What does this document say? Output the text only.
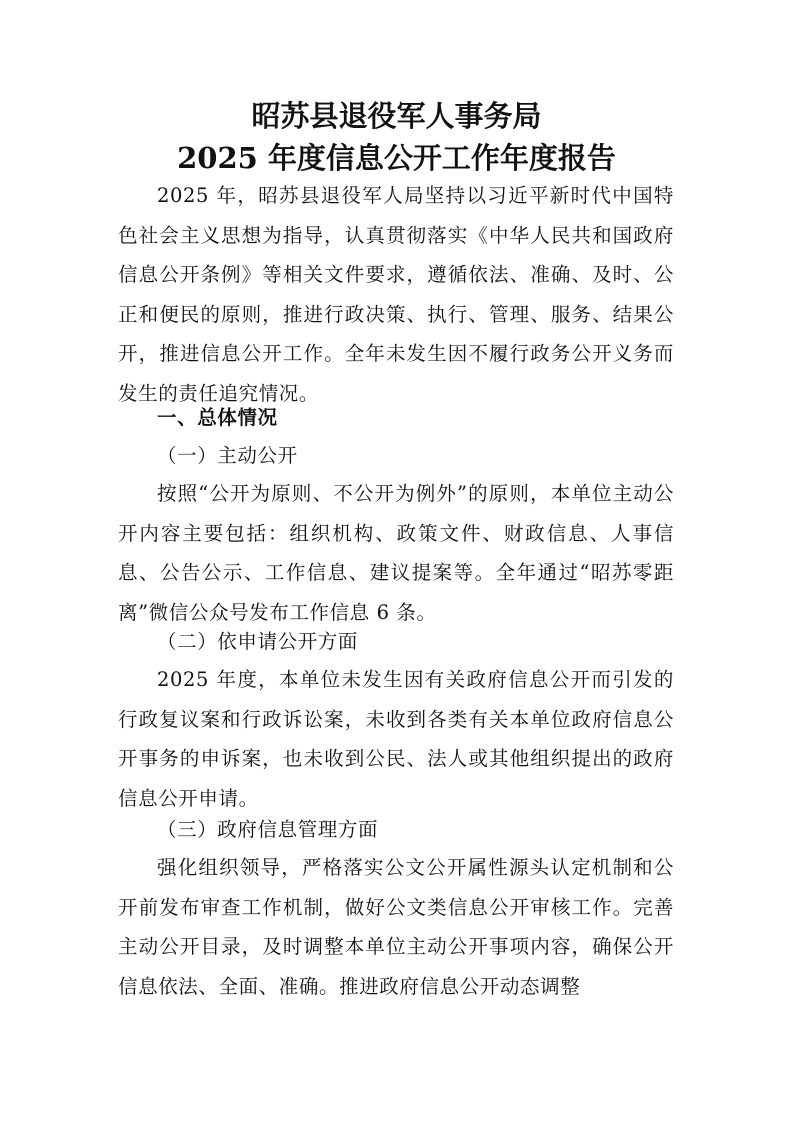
昭苏县退役军人事务局
2025 年度信息公开工作年度报告

2025 年，昭苏县退役军人局坚持以习近平新时代中国特色社会主义思想为指导，认真贯彻落实《中华人民共和国政府信息公开条例》等相关文件要求，遵循依法、准确、及时、公正和便民的原则，推进行政决策、执行、管理、服务、结果公开，推进信息公开工作。全年未发生因不履行政务公开义务而发生的责任追究情况。

一、总体情况

（一）主动公开

按照“公开为原则、不公开为例外”的原则，本单位主动公开内容主要包括：组织机构、政策文件、财政信息、人事信息、公告公示、工作信息、建议提案等。全年通过“昭苏零距离”微信公众号发布工作信息 6 条。

（二）依申请公开方面

2025 年度，本单位未发生因有关政府信息公开而引发的行政复议案和行政诉讼案，未收到各类有关本单位政府信息公开事务的申诉案，也未收到公民、法人或其他组织提出的政府信息公开申请。

（三）政府信息管理方面

强化组织领导，严格落实公文公开属性源头认定机制和公开前发布审查工作机制，做好公文类信息公开审核工作。完善主动公开目录，及时调整本单位主动公开事项内容，确保公开信息依法、全面、准确。推进政府信息公开动态调整
